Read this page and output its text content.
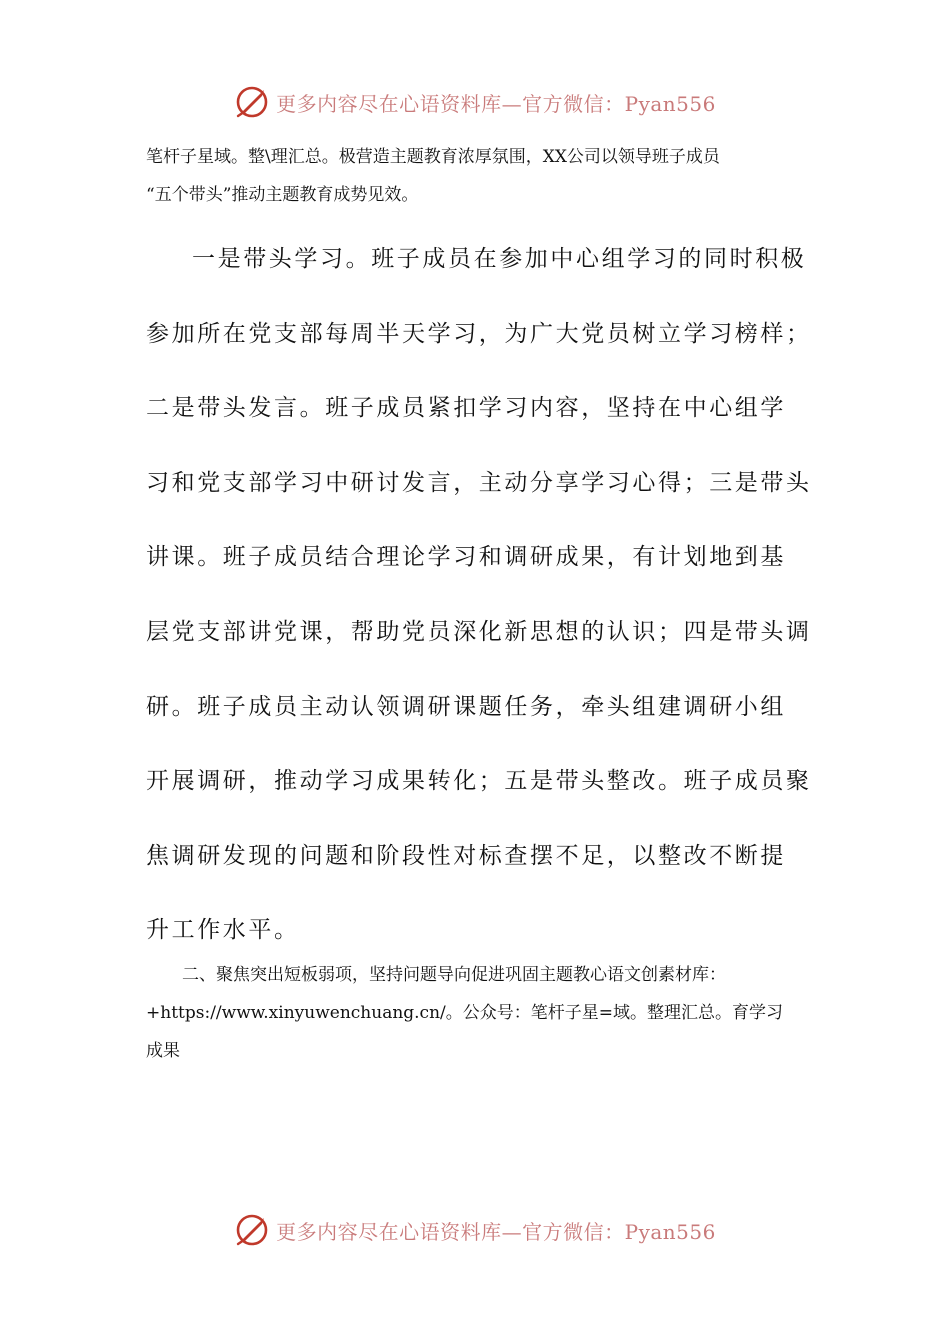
更多内容尽在心语资料库—官方微信：Pyan556
笔杆子星域。整\理汇总。极营造主题教育浓厚氛围，XX公司以领导班子成员
“五个带头”推动主题教育成势见效。
一是带头学习。班子成员在参加中心组学习的同时积极
参加所在党支部每周半天学习，为广大党员树立学习榜样；
二是带头发言。班子成员紧扣学习内容，坚持在中心组学
习和党支部学习中研讨发言，主动分享学习心得；三是带头
讲课。班子成员结合理论学习和调研成果，有计划地到基
层党支部讲党课，帮助党员深化新思想的认识；四是带头调
研。班子成员主动认领调研课题任务，牵头组建调研小组
开展调研，推动学习成果转化；五是带头整改。班子成员聚
焦调研发现的问题和阶段性对标查摆不足，以整改不断提
升工作水平。
二、聚焦突出短板弱项，坚持问题导向促进巩固主题教心语文创素材库：
+https://www.xinyuwenchuang.cn/。公众号：笔杆子星=域。整理汇总。育学习
成果
更多内容尽在心语资料库—官方微信：Pyan556
